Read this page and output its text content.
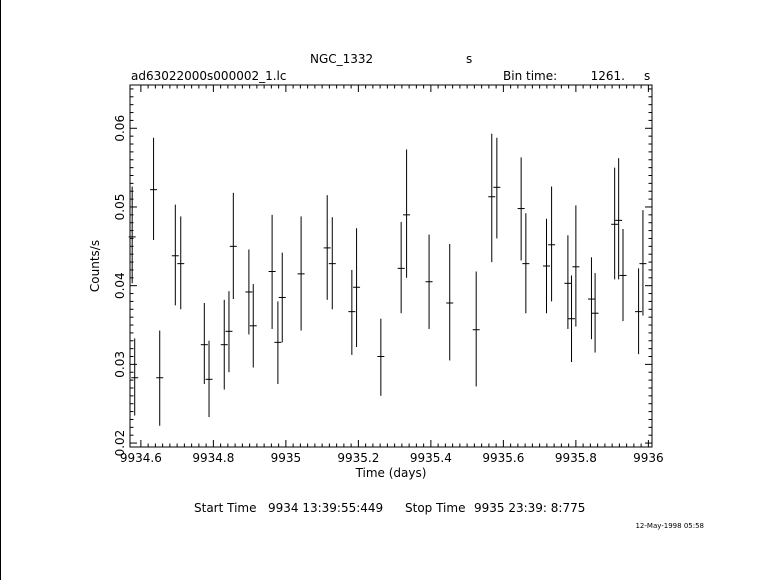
NGC_1332	s
ad63022000s000002_1.lc	Bin time:	1261. s
9934.6	9934.8	9935	9935.2	9935.4	9935.6	9935.8	9936
0.02
0.03
0.04
0.05
0.06
Time (days)
Counts/s
Start Time 9934 13:39:55:449 Stop Time 9935 23:39: 8:775
12-May-1998 05:58
